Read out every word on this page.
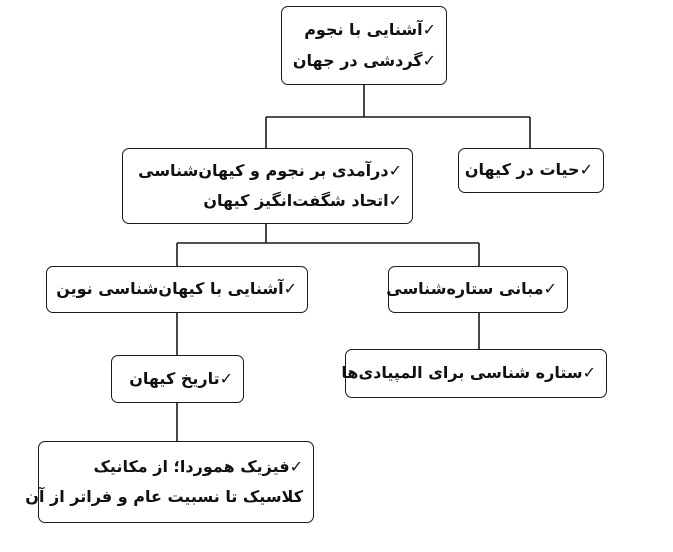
✓آشنایی با نجوم
✓گردشی در جهان
✓حیات در کیهان
✓درآمدی بر نجوم و کیهان‌شناسی
✓اتحاد شگفت‌انگیز کیهان
✓آشنایی با کیهان‌شناسی نوین	✓مبانی ستاره‌شناسی
✓تاریخ کیهان	✓ستاره شناسی برای المپیادی‌ها
✓فیزیک هموردا؛ از مکانیک
کلاسیک تا نسبیت عام و فراتر از آن
